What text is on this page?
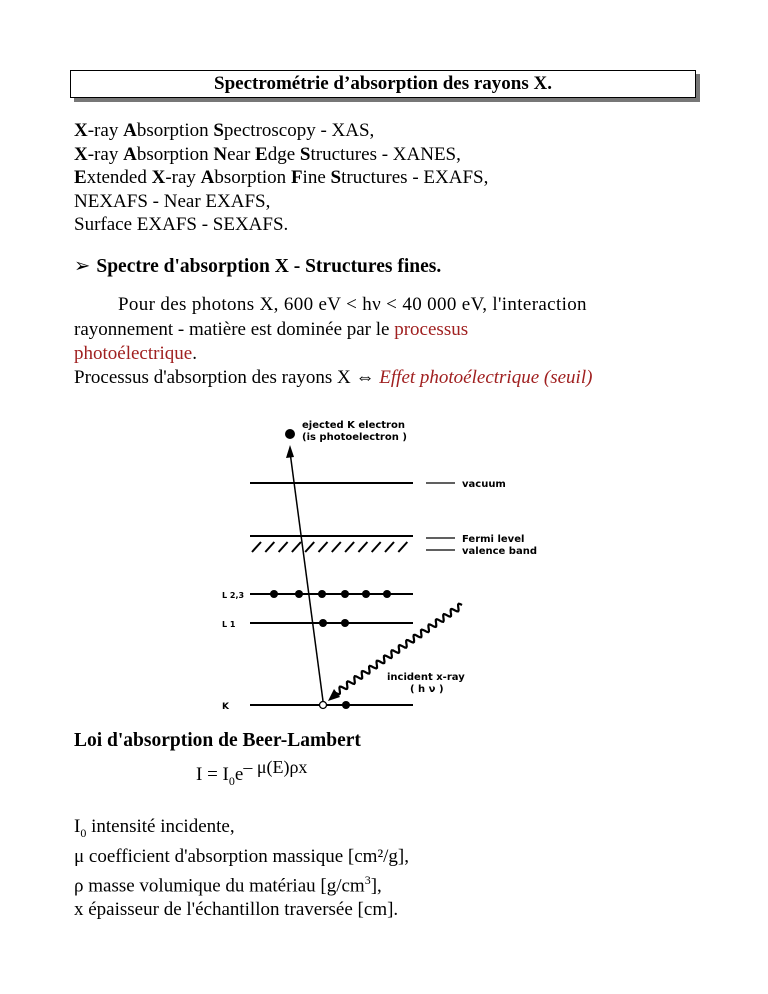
Spectrométrie d’absorption des rayons X.
X-ray Absorption Spectroscopy - XAS,
X-ray Absorption Near Edge Structures - XANES,
Extended X-ray Absorption Fine Structures - EXAFS,
NEXAFS - Near EXAFS,
Surface EXAFS - SEXAFS.
➢ Spectre d'absorption X - Structures fines.
Pour des photons X, 600 eV < hν < 40 000 eV, l'interaction
rayonnement - matière est dominée par le processus
photoélectrique.
Processus d'absorption des rayons X ⇔ Effet photoélectrique (seuil)
ejected K electron
(is photoelectron )
vacuum
Fermi level
valence band
L 2,3
L 1
K
incident x-ray
( h ν )
Loi d'absorption de Beer-Lambert
$I = I_0e-$ μ(E)ρx
$I_0$ intensité incidente,
μ coefficient d'absorption massique [cm²/g],
ρ masse volumique du matériau $[g/cm^3]$,
x épaisseur de l'échantillon traversée [cm].
